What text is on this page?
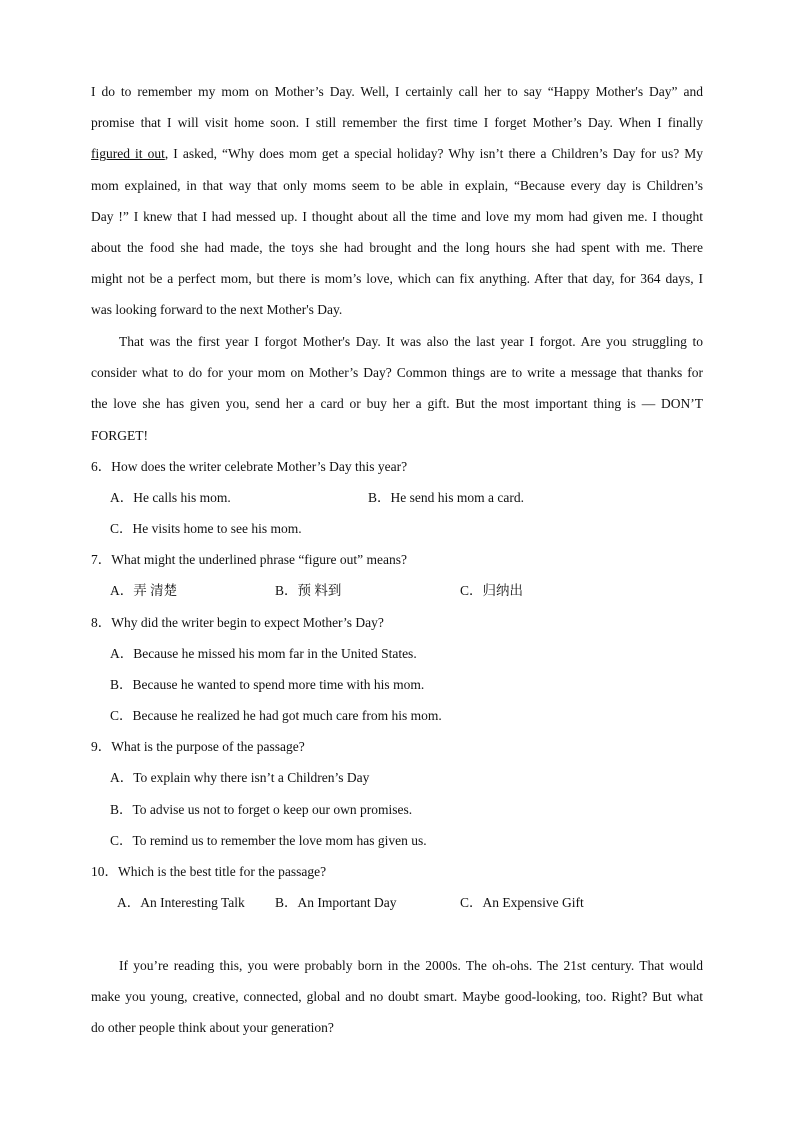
I do to remember my mom on Mother’s Day. Well, I certainly call her to say “Happy Mother's Day” and
promise that I will visit home soon. I still remember the first time I forget Mother’s Day. When I finally
figured it out, I asked, “Why does mom get a special holiday? Why isn’t there a Children’s Day for us? My
mom explained, in that way that only moms seem to be able in explain, “Because every day is Children’s
Day !” I knew that I had messed up. I thought about all the time and love my mom had given me. I thought
about the food she had made, the toys she had brought and the long hours she had spent with me. There
might not be a perfect mom, but there is mom’s love, which can fix anything. After that day, for 364 days, I
was looking forward to the next Mother's Day.
That was the first year I forgot Mother's Day. It was also the last year I forgot. Are you struggling to
consider what to do for your mom on Mother’s Day? Common things are to write a message that thanks for
the love she has given you, send her a card or buy her a gift. But the most important thing is — DON’T
FORGET!
6．How does the writer celebrate Mother’s Day this year?
A．He calls his mom.	B．He send his mom a card.
C．He visits home to see his mom.
7．What might the underlined phrase “figure out” means?
A．弄 清楚	B．预 料到	C．归纳出
8．Why did the writer begin to expect Mother’s Day?
A．Because he missed his mom far in the United States.
B．Because he wanted to spend more time with his mom.
C．Because he realized he had got much care from his mom.
9．What is the purpose of the passage?
A．To explain why there isn’t a Children’s Day
B．To advise us not to forget o keep our own promises.
C．To remind us to remember the love mom has given us.
10．Which is the best title for the passage?
A．An Interesting Talk B．An Important Day	C．An Expensive Gift
If you’re reading this, you were probably born in the 2000s. The oh-ohs. The 21st century. That would
make you young, creative, connected, global and no doubt smart. Maybe good-looking, too. Right? But what
do other people think about your generation?
